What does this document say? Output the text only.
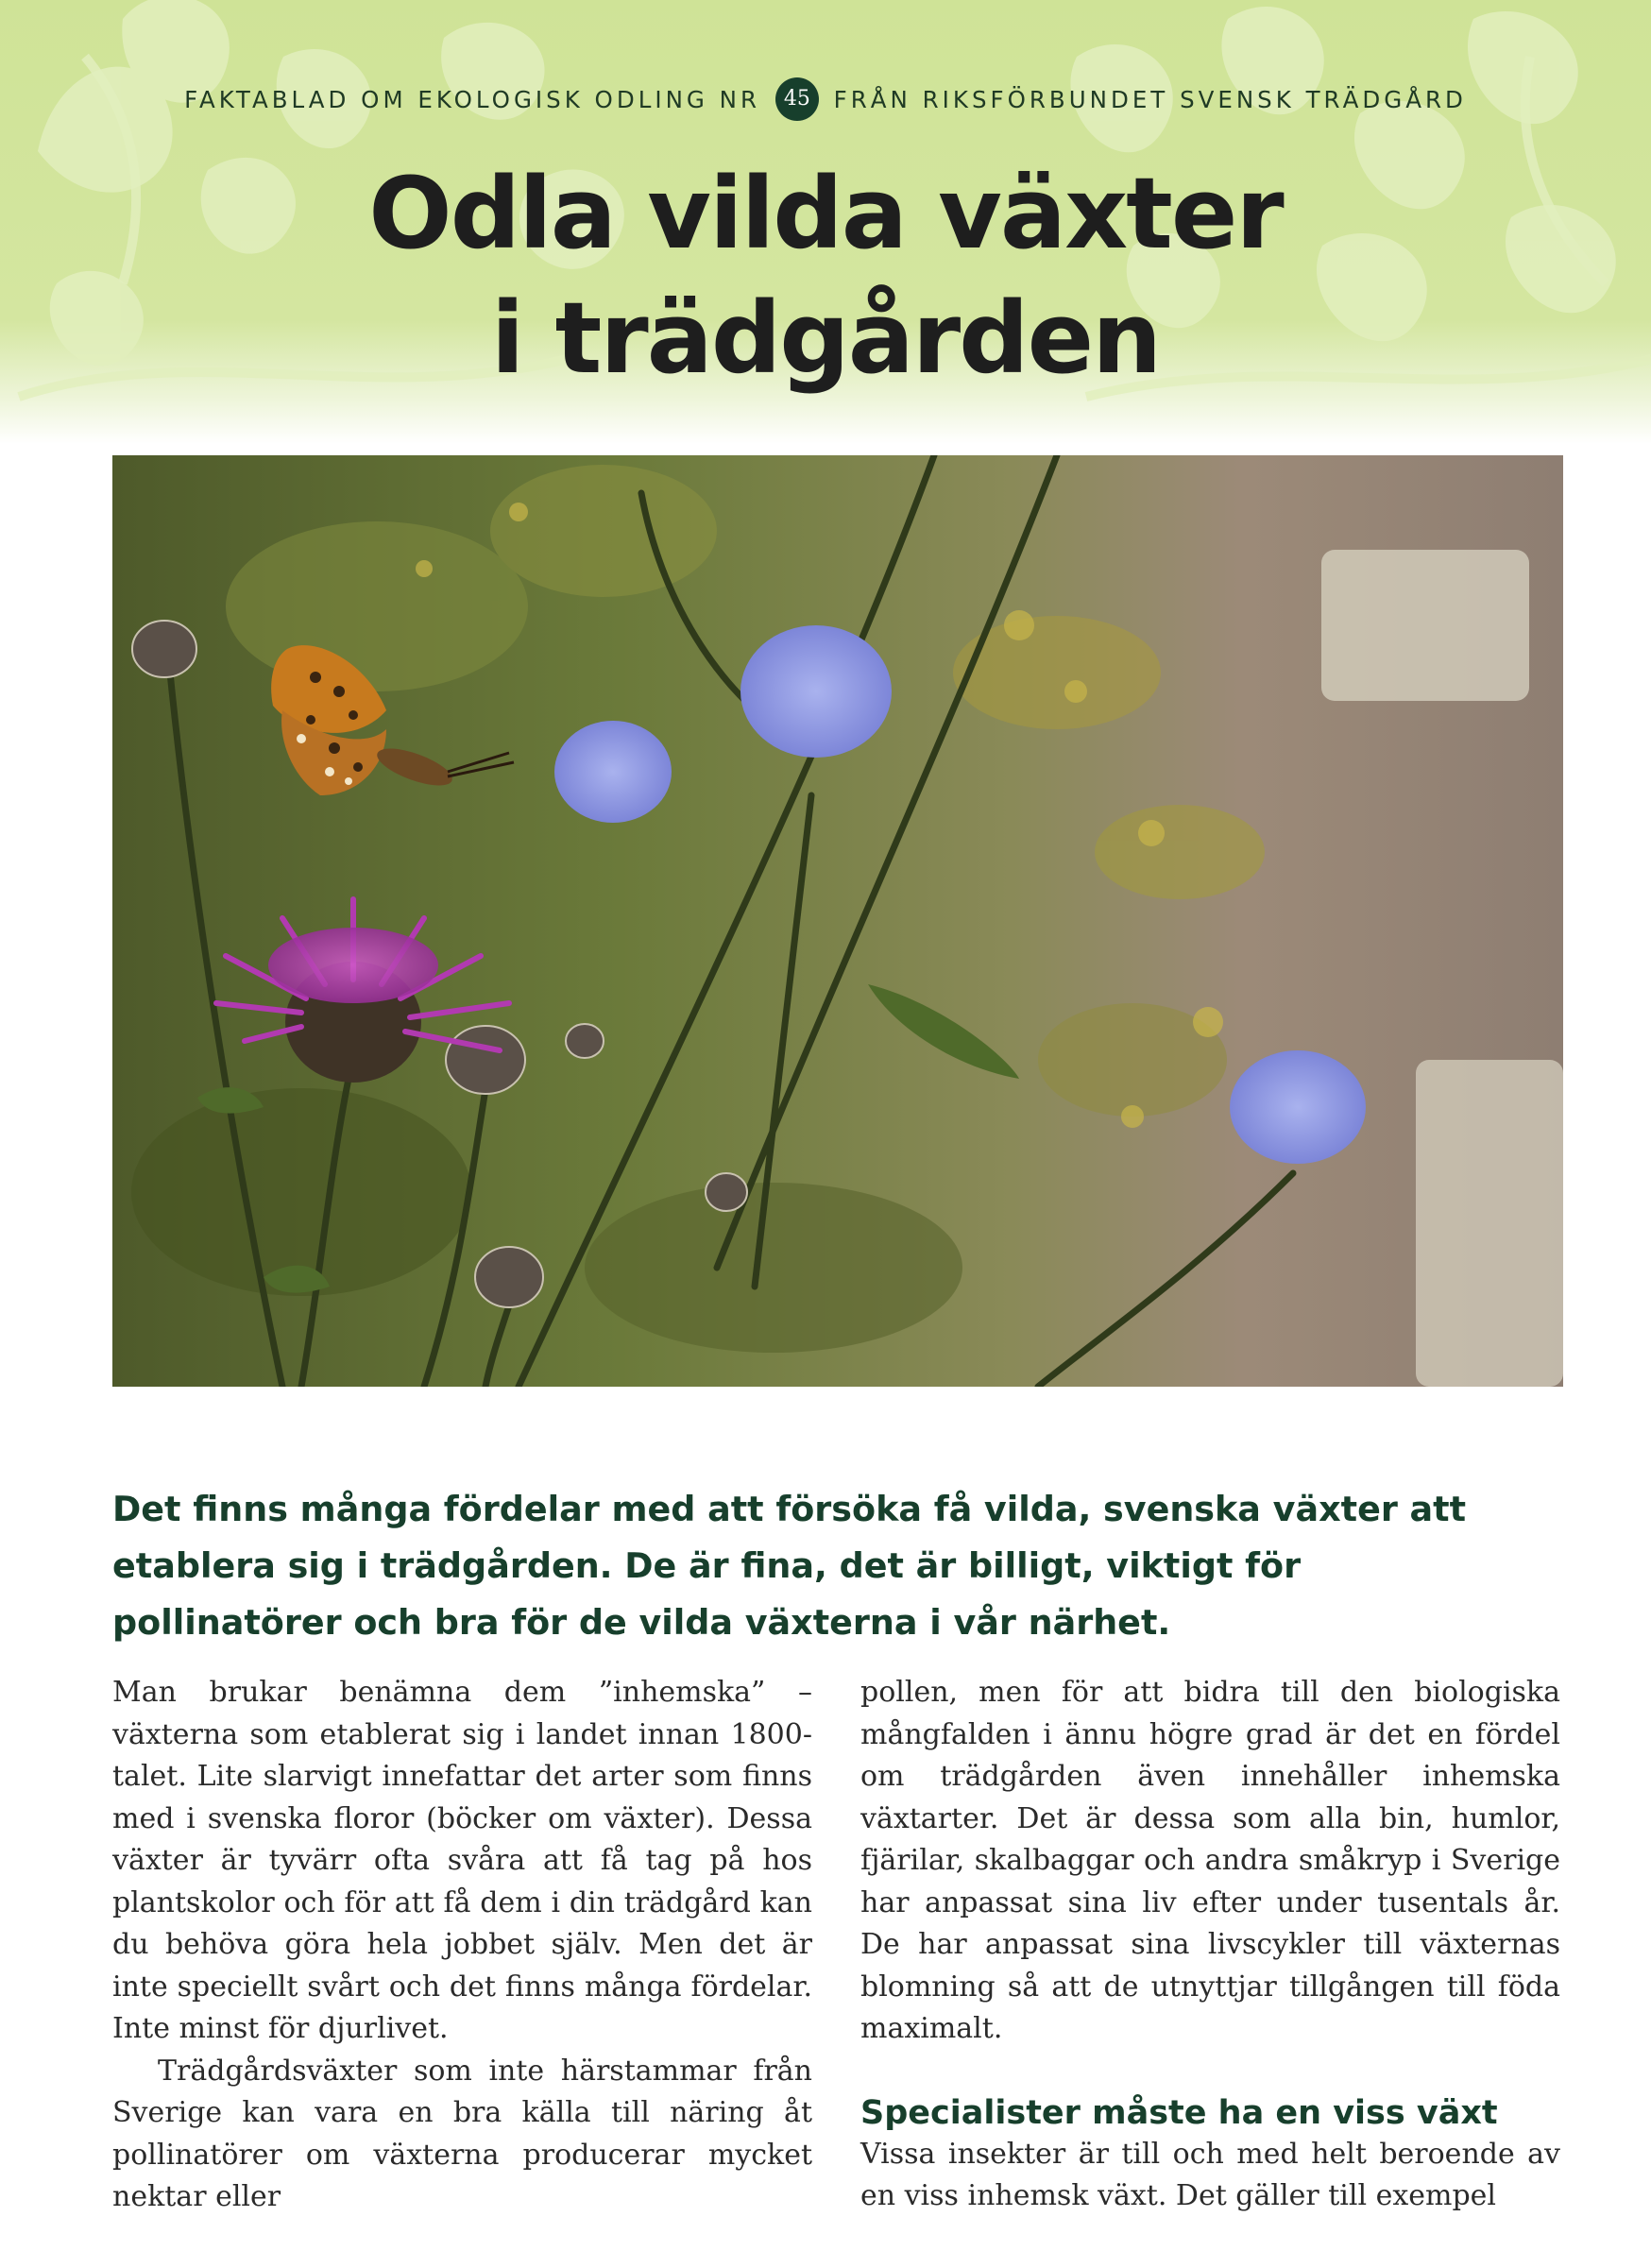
FAKTABLAD OM EKOLOGISK ODLING NR 45 FRÅN RIKSFÖRBUNDET SVENSK TRÄDGÅRD
Odla vilda växter
i trädgården

Det finns många fördelar med att försöka få vilda, svenska växter att etablera sig i trädgården. De är fina, det är billigt, viktigt för pollinatörer och bra för de vilda växterna i vår närhet.

Man brukar benämna dem ”inhemska” – växterna som etablerat sig i landet innan 1800-talet. Lite slarvigt innefattar det arter som finns med i svenska floror (böcker om växter). Dessa växter är tyvärr ofta svåra att få tag på hos plantskolor och för att få dem i din trädgård kan du behöva göra hela jobbet själv. Men det är inte speciellt svårt och det finns många fördelar. Inte minst för djurlivet.

Trädgårdsväxter som inte härstammar från Sverige kan vara en bra källa till näring åt pollinatörer om växterna producerar mycket nektar eller

pollen, men för att bidra till den biologiska mångfalden i ännu högre grad är det en fördel om trädgården även innehåller inhemska växtarter. Det är dessa som alla bin, humlor, fjärilar, skalbaggar och andra småkryp i Sverige har anpassat sina liv efter under tusentals år. De har anpassat sina livscykler till växternas blomning så att de utnyttjar tillgången till föda maximalt.

Specialister måste ha en viss växt

Vissa insekter är till och med helt beroende av en viss inhemsk växt. Det gäller till exempel
